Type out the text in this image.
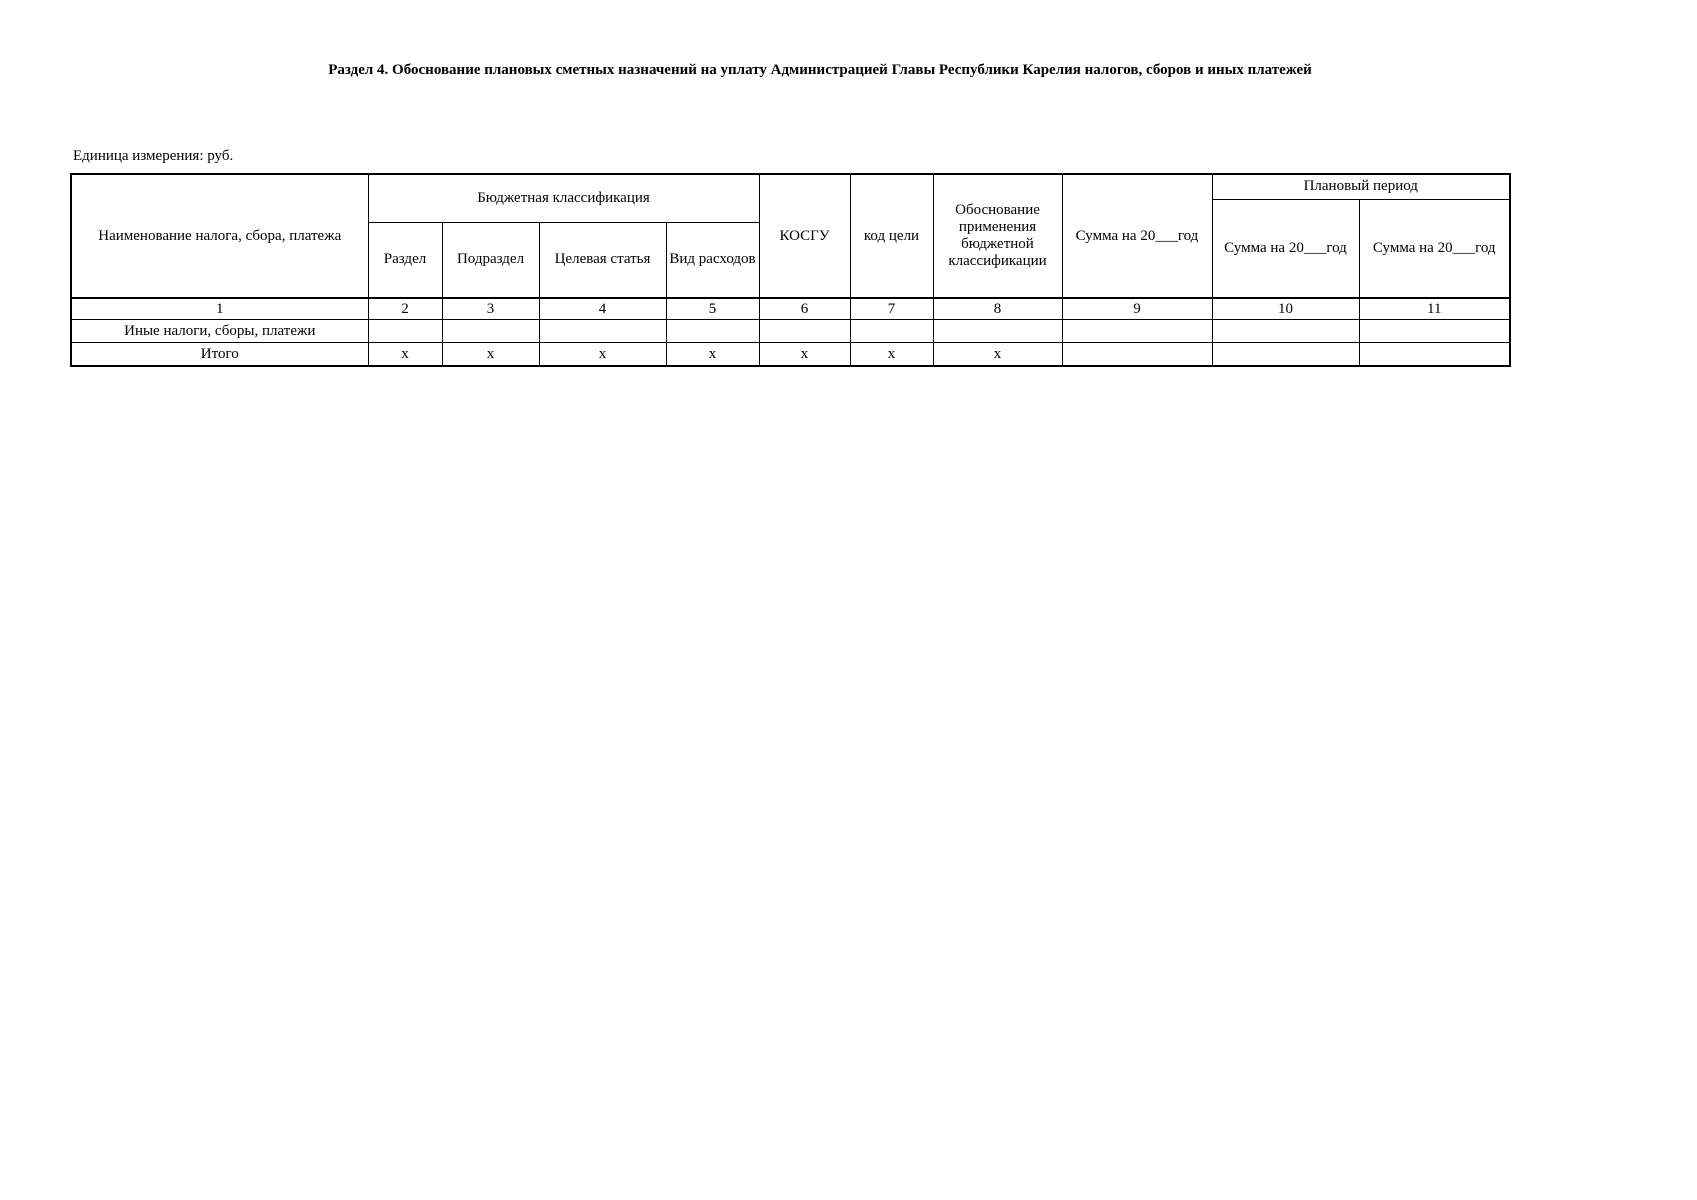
Раздел 4. Обоснование плановых сметных назначений на уплату Администрацией Главы Республики Карелия налогов, сборов и иных платежей
Единица измерения: руб.
Наименование налога, сбора, платежа	Бюджетная классификация				КОСГУ	код цели	Обоснование применения бюджетной классификации	Сумма на 20___год	Плановый период	
									Сумма на 20___год	Сумма на 20___год
	Раздел	Подраздел	Целевая статья	Вид расходов						
1	2	3	4	5	6	7	8	9	10	11
Иные налоги, сборы, платежи										
Итого	x	x	x	x	x	x	x			
